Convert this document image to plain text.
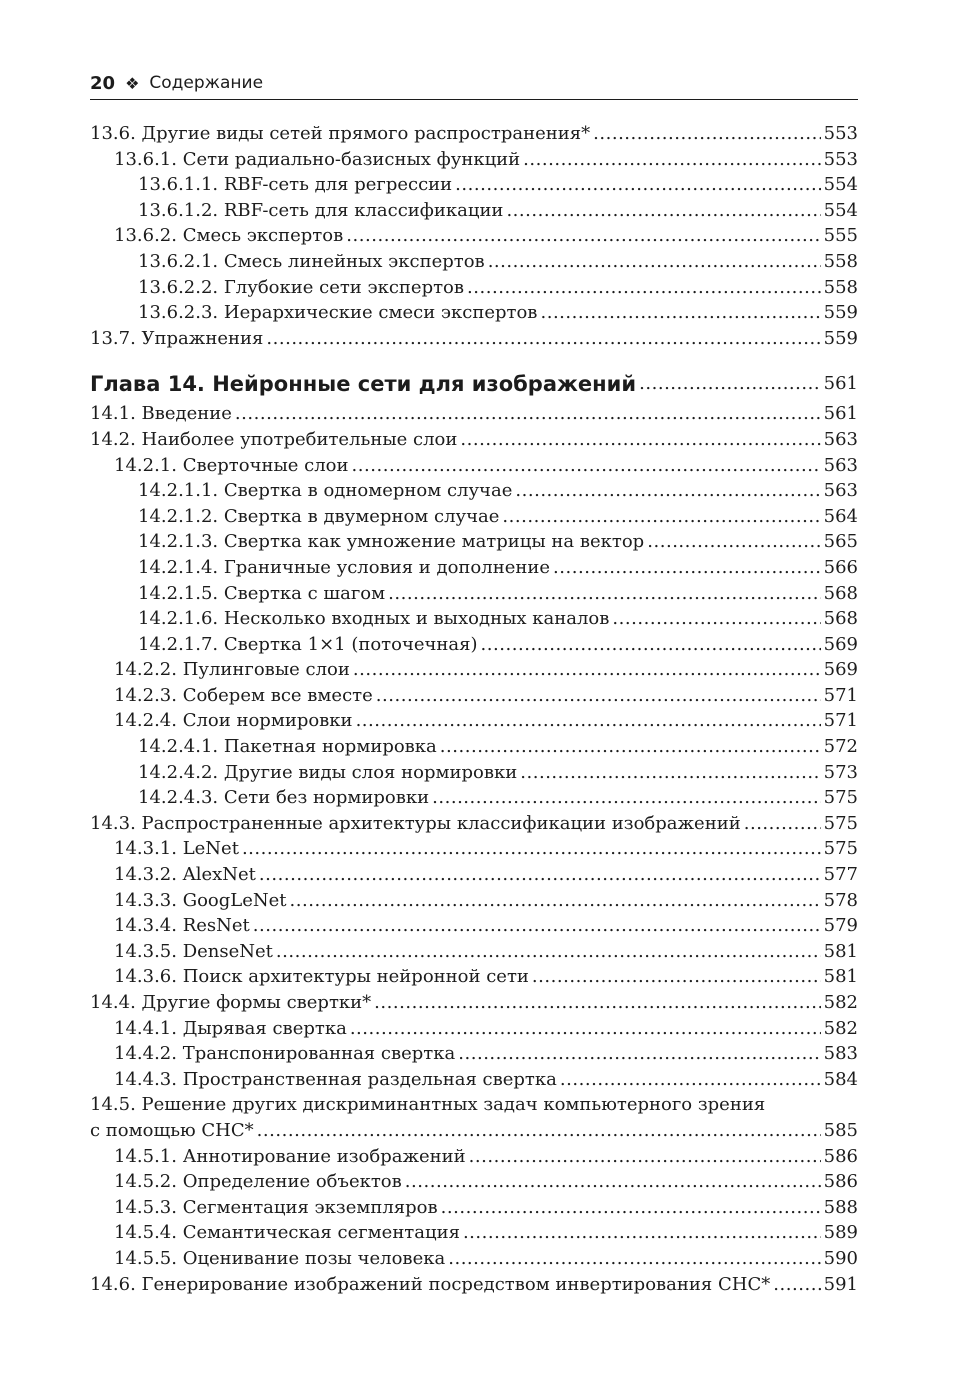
20 ❖ Содержание
13.6. Другие виды сетей прямого распространения* . . .	553
13.6.1. Сети радиально-базисных функций . . .	553
13.6.1.1. RBF-сеть для регрессии . . .	554
13.6.1.2. RBF-сеть для классификации . . .	554
13.6.2. Смесь экспертов . . .	555
13.6.2.1. Смесь линейных экспертов . . .	558
13.6.2.2. Глубокие сети экспертов . . .	558
13.6.2.3. Иерархические смеси экспертов . . .	559
13.7. Упражнения . . .	559
Глава 14. Нейронные сети для изображений . . .	561
14.1. Введение . . .	561
14.2. Наиболее употребительные слои . . .	563
14.2.1. Сверточные слои . . .	563
14.2.1.1. Свертка в одномерном случае . . .	563
14.2.1.2. Свертка в двумерном случае . . .	564
14.2.1.3. Свертка как умножение матрицы на вектор . . .	565
14.2.1.4. Граничные условия и дополнение . . .	566
14.2.1.5. Свертка с шагом . . .	568
14.2.1.6. Несколько входных и выходных каналов . . .	568
14.2.1.7. Свертка 1×1 (поточечная) . . .	569
14.2.2. Пулинговые слои . . .	569
14.2.3. Соберем все вместе . . .	571
14.2.4. Слои нормировки . . .	571
14.2.4.1. Пакетная нормировка . . .	572
14.2.4.2. Другие виды слоя нормировки . . .	573
14.2.4.3. Сети без нормировки . . .	575
14.3. Распространенные архитектуры классификации изображений . . .	575
14.3.1. LeNet . . .	575
14.3.2. AlexNet . . .	577
14.3.3. GoogLeNet . . .	578
14.3.4. ResNet . . .	579
14.3.5. DenseNet . . .	581
14.3.6. Поиск архитектуры нейронной сети . . .	581
14.4. Другие формы свертки* . . .	582
14.4.1. Дырявая свертка . . .	582
14.4.2. Транспонированная свертка . . .	583
14.4.3. Пространственная раздельная свертка . . .	584
14.5. Решение других дискриминантных задач компьютерного зрения
с помощью СНС* . . .	585
14.5.1. Аннотирование изображений . . .	586
14.5.2. Определение объектов . . .	586
14.5.3. Сегментация экземпляров . . .	588
14.5.4. Семантическая сегментация . . .	589
14.5.5. Оценивание позы человека . . .	590
14.6. Генерирование изображений посредством инвертирования СНС* . . .	591
